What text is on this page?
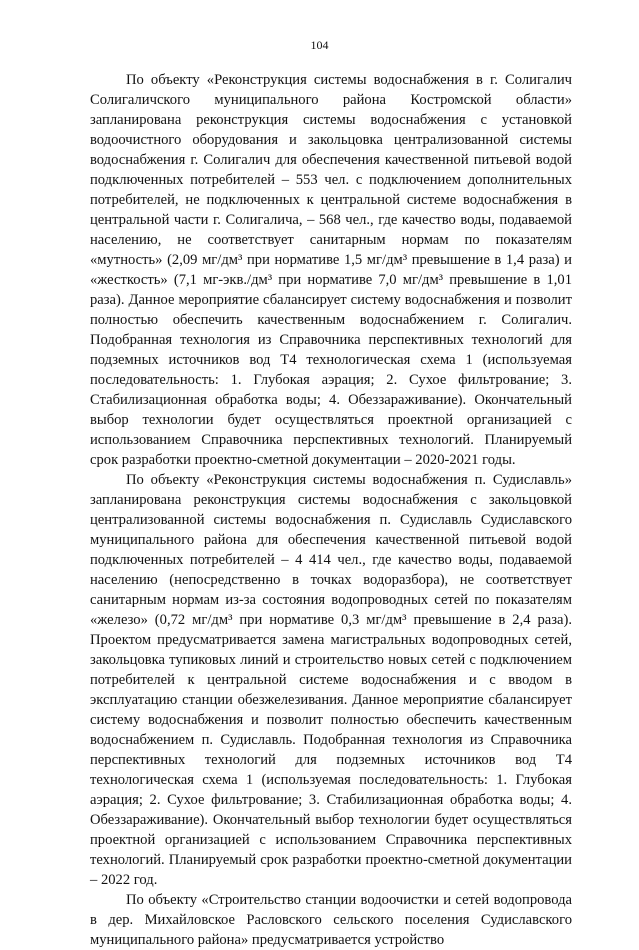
104

По объекту «Реконструкция системы водоснабжения в г. Солигалич Солигаличского муниципального района Костромской области» запланирована реконструкция системы водоснабжения с установкой водоочистного оборудования и закольцовка централизованной системы водоснабжения г. Солигалич для обеспечения качественной питьевой водой подключенных потребителей – 553 чел. с подключением дополнительных потребителей, не подключенных к центральной системе водоснабжения в центральной части г. Солигалича, – 568 чел., где качество воды, подаваемой населению, не соответствует санитарным нормам по показателям «мутность» (2,09 мг/дм³ при нормативе 1,5 мг/дм³ превышение в 1,4 раза) и «жесткость» (7,1 мг-экв./дм³ при нормативе 7,0 мг/дм³ превышение в 1,01 раза). Данное мероприятие сбалансирует систему водоснабжения и позволит полностью обеспечить качественным водоснабжением г. Солигалич. Подобранная технология из Справочника перспективных технологий для подземных источников вод Т4 технологическая схема 1 (используемая последовательность: 1. Глубокая аэрация; 2. Сухое фильтрование; 3. Стабилизационная обработка воды; 4. Обеззараживание). Окончательный выбор технологии будет осуществляться проектной организацией с использованием Справочника перспективных технологий. Планируемый срок разработки проектно-сметной документации – 2020-2021 годы.

По объекту «Реконструкция системы водоснабжения п. Судиславль» запланирована реконструкция системы водоснабжения с закольцовкой централизованной системы водоснабжения п. Судиславль Судиславского муниципального района для обеспечения качественной питьевой водой подключенных потребителей – 4 414 чел., где качество воды, подаваемой населению (непосредственно в точках водоразбора), не соответствует санитарным нормам из-за состояния водопроводных сетей по показателям «железо» (0,72 мг/дм³ при нормативе 0,3 мг/дм³ превышение в 2,4 раза). Проектом предусматривается замена магистральных водопроводных сетей, закольцовка тупиковых линий и строительство новых сетей с подключением потребителей к центральной системе водоснабжения и с вводом в эксплуатацию станции обезжелезивания. Данное мероприятие сбалансирует систему водоснабжения и позволит полностью обеспечить качественным водоснабжением п. Судиславль. Подобранная технология из Справочника перспективных технологий для подземных источников вод Т4 технологическая схема 1 (используемая последовательность: 1. Глубокая аэрация; 2. Сухое фильтрование; 3. Стабилизационная обработка воды; 4. Обеззараживание). Окончательный выбор технологии будет осуществляться проектной организацией с использованием Справочника перспективных технологий. Планируемый срок разработки проектно-сметной документации – 2022 год.

По объекту «Строительство станции водоочистки и сетей водопровода в дер. Михайловское Расловского сельского поселения Судиславского муниципального района» предусматривается устройство
